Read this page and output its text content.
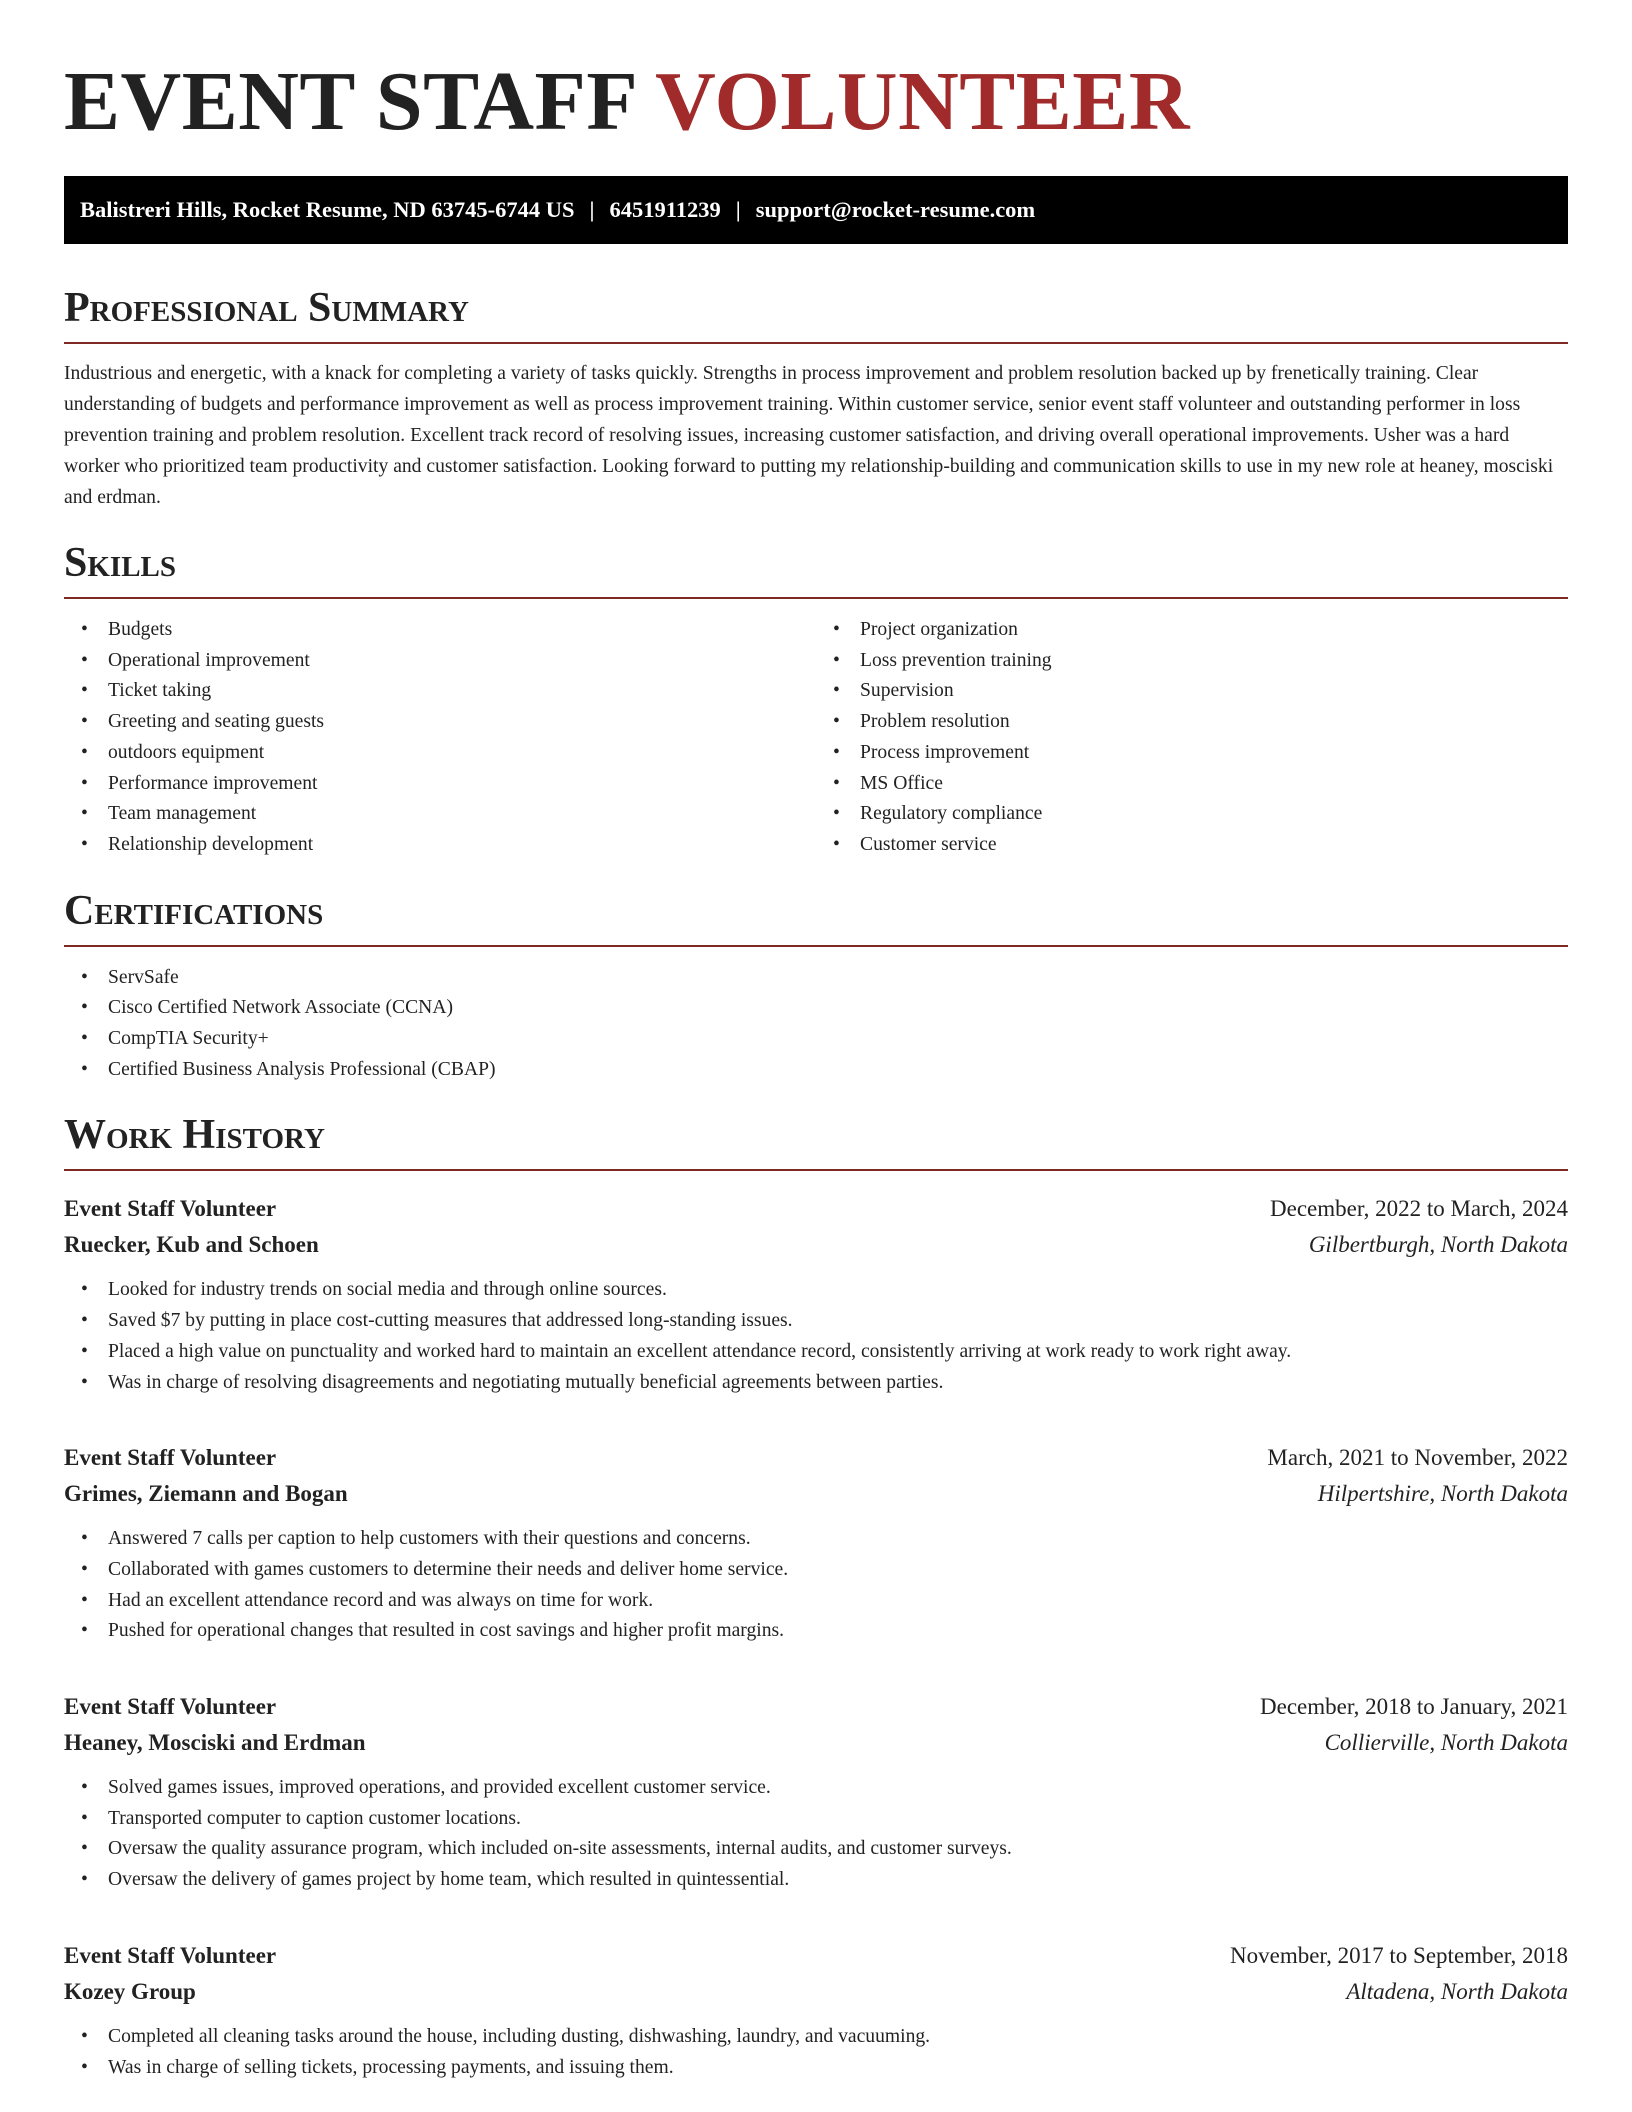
EVENT STAFF VOLUNTEER
Balistreri Hills, Rocket Resume, ND 63745-6744 US | 6451911239 | support@rocket-resume.com
Professional Summary

Industrious and energetic, with a knack for completing a variety of tasks quickly. Strengths in process improvement and problem resolution backed up by frenetically training. Clear understanding of budgets and performance improvement as well as process improvement training. Within customer service, senior event staff volunteer and outstanding performer in loss prevention training and problem resolution. Excellent track record of resolving issues, increasing customer satisfaction, and driving overall operational improvements. Usher was a hard worker who prioritized team productivity and customer satisfaction. Looking forward to putting my relationship-building and communication skills to use in my new role at heaney, mosciski and erdman.

Skills
• Budgets
• Operational improvement
• Ticket taking
• Greeting and seating guests
• outdoors equipment
• Performance improvement
• Team management
• Relationship development
• Project organization
• Loss prevention training
• Supervision
• Problem resolution
• Process improvement
• MS Office
• Regulatory compliance
• Customer service
Certifications
• ServSafe
• Cisco Certified Network Associate (CCNA)
• CompTIA Security+
• Certified Business Analysis Professional (CBAP)
Work History
Event Staff Volunteer	December, 2022 to March, 2024
Ruecker, Kub and Schoen	Gilbertburgh, North Dakota
• Looked for industry trends on social media and through online sources.
• Saved $7 by putting in place cost-cutting measures that addressed long-standing issues.
• Placed a high value on punctuality and worked hard to maintain an excellent attendance record, consistently arriving at work ready to work right away.
• Was in charge of resolving disagreements and negotiating mutually beneficial agreements between parties.
Event Staff Volunteer	March, 2021 to November, 2022
Grimes, Ziemann and Bogan	Hilpertshire, North Dakota
• Answered 7 calls per caption to help customers with their questions and concerns.
• Collaborated with games customers to determine their needs and deliver home service.
• Had an excellent attendance record and was always on time for work.
• Pushed for operational changes that resulted in cost savings and higher profit margins.
Event Staff Volunteer	December, 2018 to January, 2021
Heaney, Mosciski and Erdman	Collierville, North Dakota
• Solved games issues, improved operations, and provided excellent customer service.
• Transported computer to caption customer locations.
• Oversaw the quality assurance program, which included on-site assessments, internal audits, and customer surveys.
• Oversaw the delivery of games project by home team, which resulted in quintessential.
Event Staff Volunteer	November, 2017 to September, 2018
Kozey Group	Altadena, North Dakota
• Completed all cleaning tasks around the house, including dusting, dishwashing, laundry, and vacuuming.
• Was in charge of selling tickets, processing payments, and issuing them.
